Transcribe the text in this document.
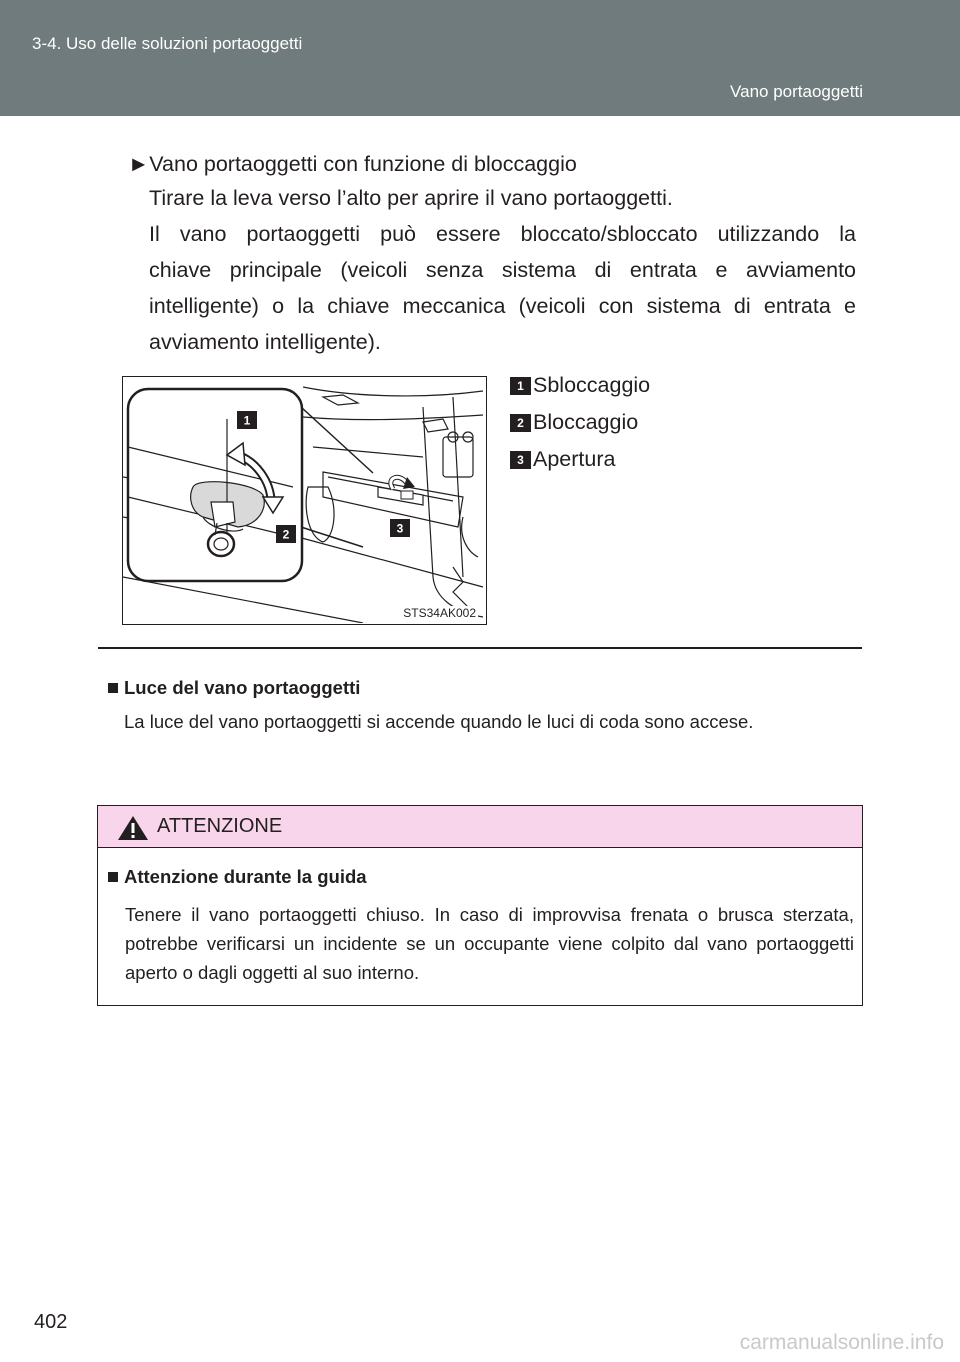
3-4. Uso delle soluzioni portaoggetti
Vano portaoggetti
►Vano portaoggetti con funzione di bloccaggio
Tirare la leva verso l’alto per aprire il vano portaoggetti.
Il vano portaoggetti può essere bloccato/sbloccato utilizzando la
chiave principale (veicoli senza sistema di entrata e avviamento
intelligente) o la chiave meccanica (veicoli con sistema di entrata e
avviamento intelligente).
1
2	3
STS34AK002
1 Sbloccaggio
2 Bloccaggio
3 Apertura
Luce del vano portaoggetti
La luce del vano portaoggetti si accende quando le luci di coda sono accese.
ATTENZIONE
Attenzione durante la guida
Tenere il vano portaoggetti chiuso. In caso di improvvisa frenata o brusca sterzata, potrebbe verificarsi un incidente se un occupante viene colpito dal vano portaoggetti aperto o dagli oggetti al suo interno.
402
carmanualsonline.info
